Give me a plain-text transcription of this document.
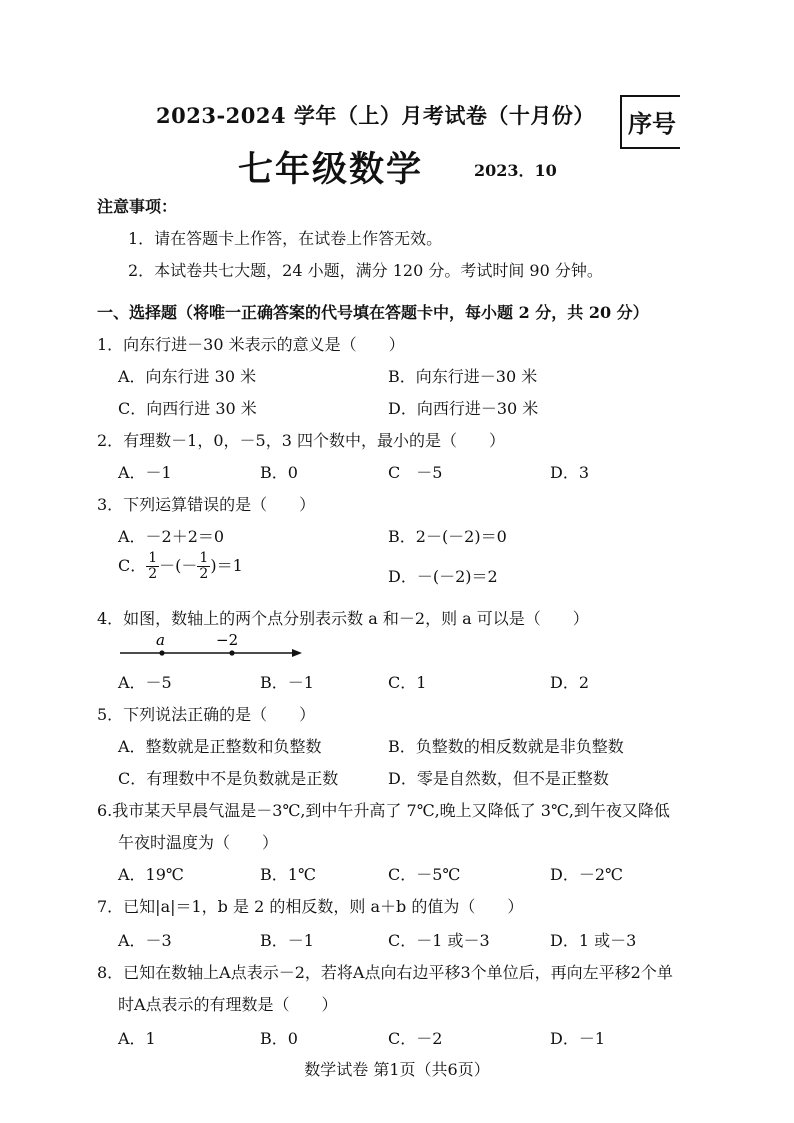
2023-2024 学年（上）月考试卷（十月份）	序号
七年级数学	2023．10
注意事项：
1．请在答题卡上作答，在试卷上作答无效。
2．本试卷共七大题，24 小题，满分 120 分。考试时间 90 分钟。
一、选择题（将唯一正确答案的代号填在答题卡中，每小题 2 分，共 20 分）
1．向东行进－30 米表示的意义是（　　）
A．向东行进 30 米	B．向东行进－30 米
C．向西行进 30 米	D．向西行进－30 米
2．有理数－1，0，－5，3 四个数中，最小的是（　　）
A．－1	B．0	C　－5	D．3
3．下列运算错误的是（　　）
A．－2＋2＝0	B．2－(－2)＝0
C． $\frac{1}{2}$ －(－ $\frac{1}{2} )=1$
D．－(－2)＝2
4．如图，数轴上的两个点分别表示数 a 和－2，则 a 可以是（　　）
a	−2
A．－5	B．－1	C．1	D．2
5．下列说法正确的是（　　）
A．整数就是正整数和负整数	B．负整数的相反数就是非负整数
C．有理数中不是负数就是正数	D．零是自然数，但不是正整数
6.我市某天早晨气温是－3℃,到中午升高了 7℃,晚上又降低了 3℃,到午夜又降低
午夜时温度为（　　）
A．19℃	B．1℃	C．－5℃	D．－2℃
7．已知|a|＝1，b 是 2 的相反数，则 a＋b 的值为（　　）
A．－3	B．－1	C．－1 或－3	D．1 或－3
8．已知在数轴上A点表示－2，若将A点向右边平移3个单位后，再向左平移2个单
时A点表示的有理数是（　　）
A．1	B．0	C．－2	D．－1
数学试卷 第1页（共6页）
